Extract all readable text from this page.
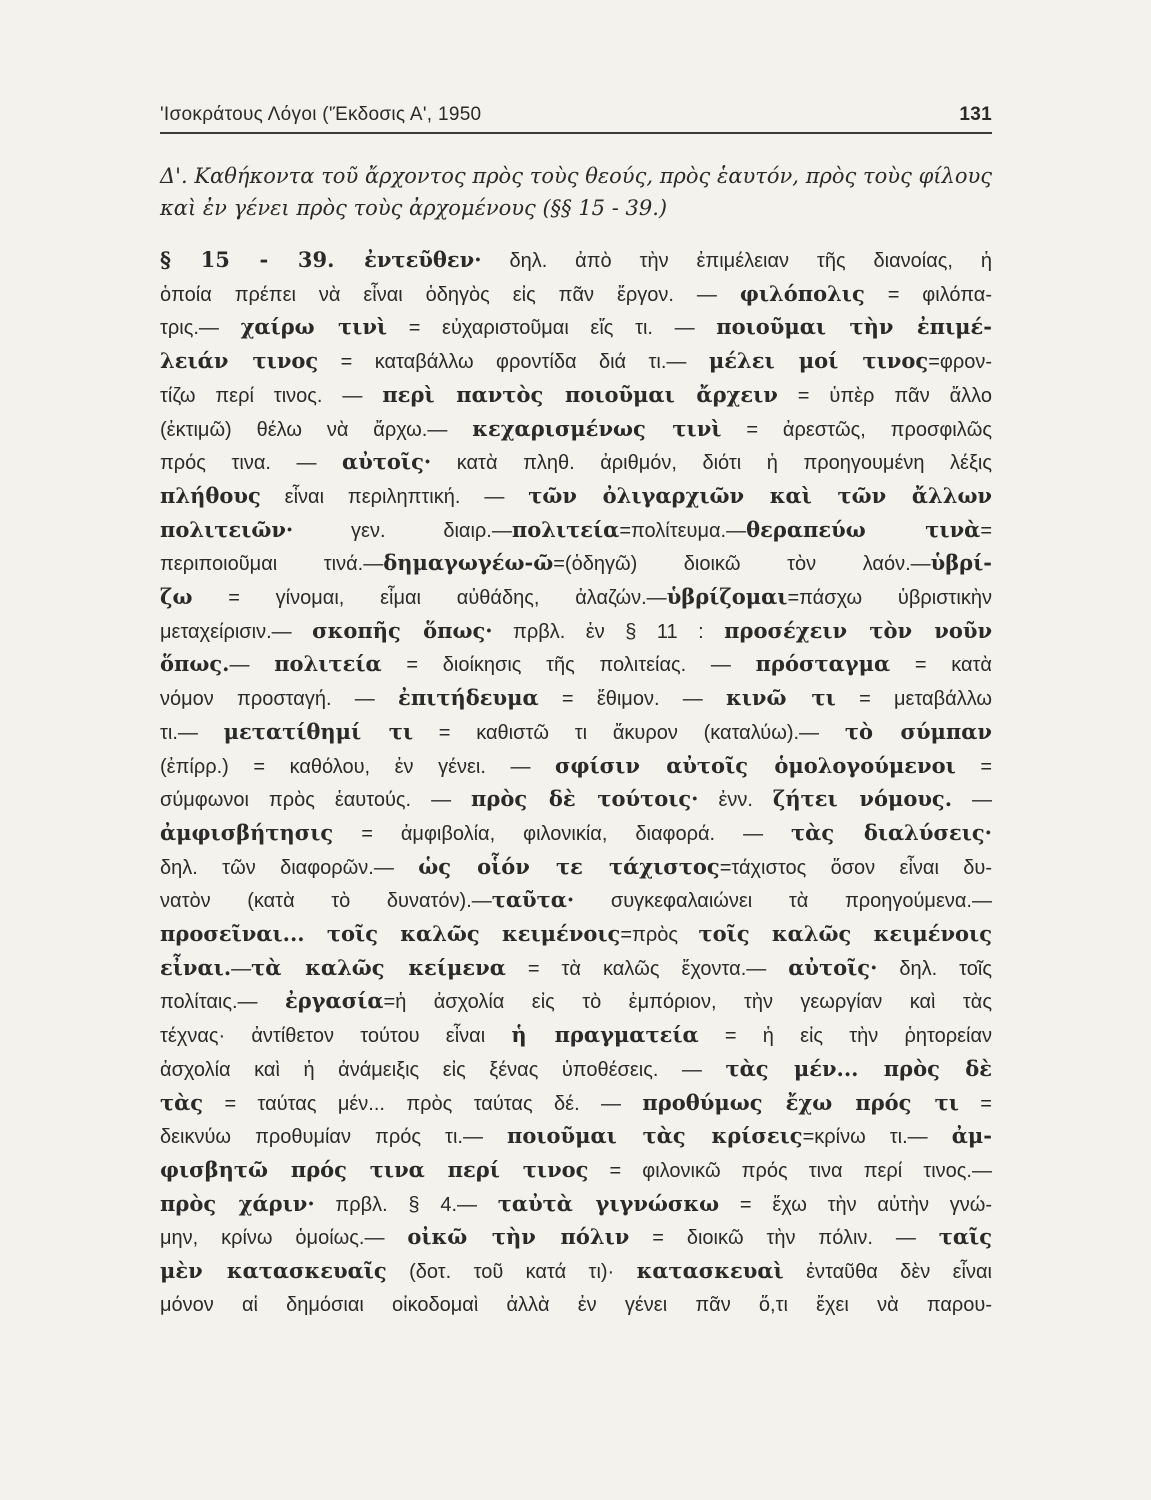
'Ισοκράτους Λόγοι ('Έκδοσις Α', 1950	131
Δ'. Καθήκοντα τοῦ ἄρχοντος πρὸς τοὺς θεούς, πρὸς ἑαυτόν, πρὸς τοὺς φίλους καὶ ἐν γένει πρὸς τοὺς ἀρχομένους (§§ 15 - 39.)
§ 15 - 39. ἐντεῦθεν· δηλ. ἀπὸ τὴν ἐπιμέλειαν τῆς διανοίας, ἡ
ὁποία πρέπει νὰ εἶναι ὁδηγὸς εἰς πᾶν ἔργον. — φιλόπολις = φιλόπα-
τρις.— χαίρω τινὶ = εὐχαριστοῦμαι εἴς τι. — ποιοῦμαι τὴν ἐπιμέ-
λειάν τινος = καταβάλλω φροντίδα διά τι.— μέλει μοί τινος=φρον-
τίζω περί τινος. — περὶ παντὸς ποιοῦμαι ἄρχειν = ὑπὲρ πᾶν ἄλλο
(ἐκτιμῶ) θέλω νὰ ἄρχω.— κεχαρισμένως τινὶ = ἀρεστῶς, προσφιλῶς
πρός τινα. — αὐτοῖς· κατὰ πληθ. ἀριθμόν, διότι ἡ προηγουμένη λέξις
πλήθους εἶναι περιληπτική. — τῶν ὀλιγαρχιῶν καὶ τῶν ἄλλων
πολιτειῶν· γεν. διαιρ.—πολιτεία=πολίτευμα.—θεραπεύω τινὰ=
περιποιοῦμαι τινά.—δημαγωγέω-ῶ=(ὁδηγῶ) διοικῶ τὸν λαόν.—ὑβρί-
ζω = γίνομαι, εἶμαι αὐθάδης, ἀλαζών.—ὑβρίζομαι=πάσχω ὑβριστικὴν
μεταχείρισιν.— σκοπῆς ὅπως· πρβλ. ἐν § 11 : προσέχειν τὸν νοῦν
ὅπως.— πολιτεία = διοίκησις τῆς πολιτείας. — πρόσταγμα = κατὰ
νόμον προσταγή. — ἐπιτήδευμα = ἔθιμον. — κινῶ τι = μεταβάλλω
τι.— μετατίθημί τι = καθιστῶ τι ἄκυρον (καταλύω).— τὸ σύμπαν
(ἐπίρρ.) = καθόλου, ἐν γένει. — σφίσιν αὐτοῖς ὁμολογούμενοι =
σύμφωνοι πρὸς ἑαυτούς. — πρὸς δὲ τούτοις· ἐνν. ζήτει νόμους. —
ἀμφισβήτησις = ἀμφιβολία, φιλονικία, διαφορά. — τὰς διαλύσεις·
δηλ. τῶν διαφορῶν.— ὡς οἷόν τε τάχιστος=τάχιστος ὅσον εἶναι δυ-
νατὸν (κατὰ τὸ δυνατόν).—ταῦτα· συγκεφαλαιώνει τὰ προηγούμενα.—
προσεῖναι... τοῖς καλῶς κειμένοις=πρὸς τοῖς καλῶς κειμένοις
εἶναι.—τὰ καλῶς κείμενα = τὰ καλῶς ἔχοντα.— αὐτοῖς· δηλ. τοῖς
πολίταις.— ἐργασία=ἡ ἀσχολία εἰς τὸ ἐμπόριον, τὴν γεωργίαν καὶ τὰς
τέχνας· ἀντίθετον τούτου εἶναι ἡ πραγματεία = ἡ εἰς τὴν ῥητορείαν
ἀσχολία καὶ ἡ ἀνάμειξις εἰς ξένας ὑποθέσεις. — τὰς μέν... πρὸς δὲ
τὰς = ταύτας μέν... πρὸς ταύτας δέ. — προθύμως ἔχω πρός τι =
δεικνύω προθυμίαν πρός τι.— ποιοῦμαι τὰς κρίσεις=κρίνω τι.— ἀμ-
φισβητῶ πρός τινα περί τινος = φιλονικῶ πρός τινα περί τινος.—
πρὸς χάριν· πρβλ. § 4.— ταὐτὰ γιγνώσκω = ἔχω τὴν αὐτὴν γνώ-
μην, κρίνω ὁμοίως.— οἰκῶ τὴν πόλιν = διοικῶ τὴν πόλιν. — ταῖς
μὲν κατασκευαῖς (δοτ. τοῦ κατά τι)· κατασκευαὶ ἐνταῦθα δὲν εἶναι
μόνον αἱ δημόσιαι οἰκοδομαὶ ἀλλὰ ἐν γένει πᾶν ὅ,τι ἔχει νὰ παρου-
